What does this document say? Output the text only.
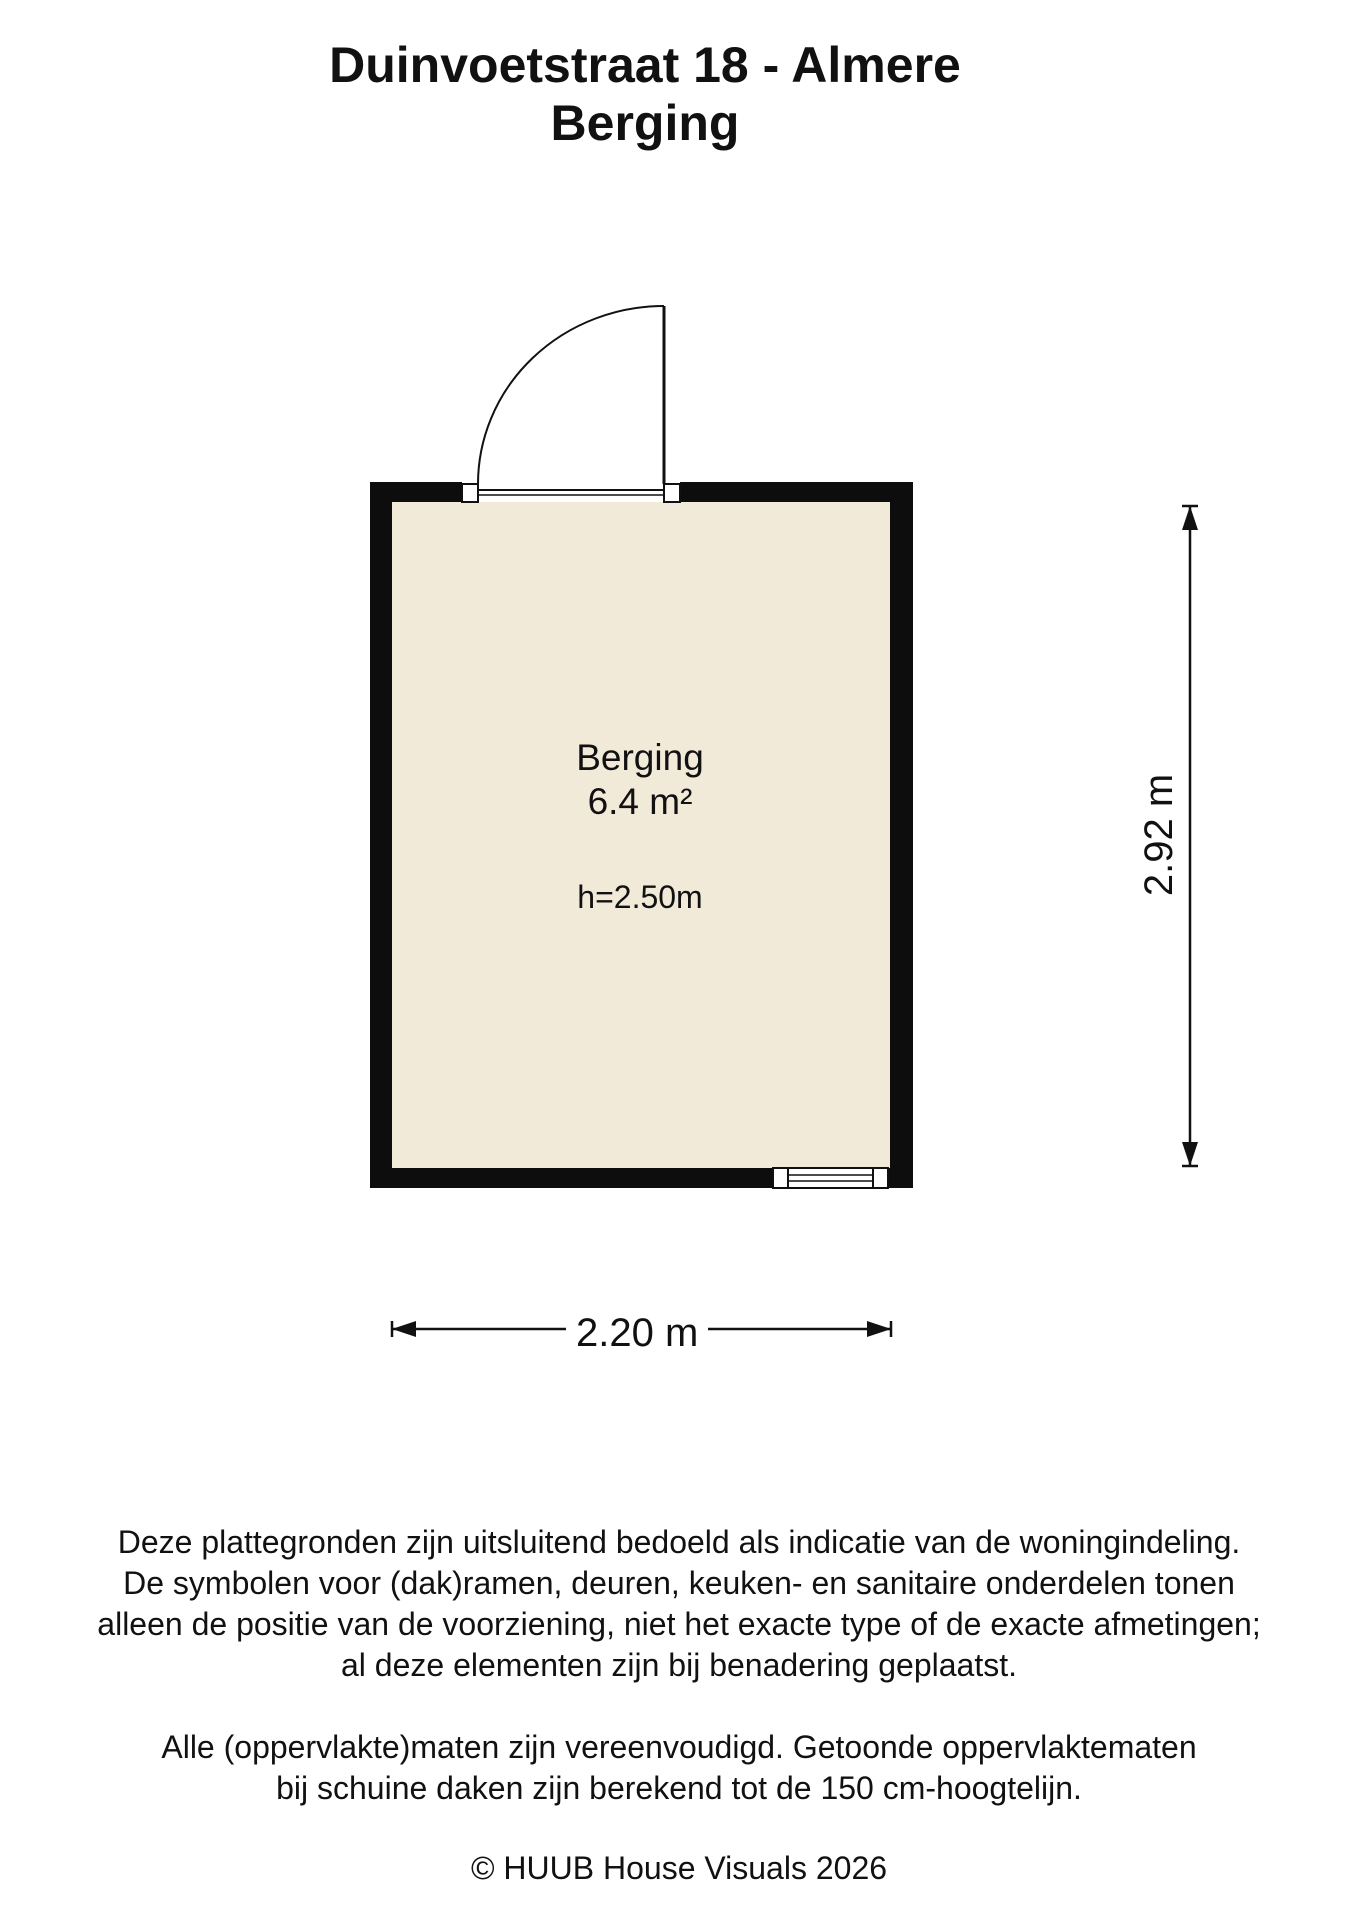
Duinvoetstraat 18 - Almere
Berging
Berging
6.4 m²
h=2.50m
2.20 m
2.92 m

Deze plattegronden zijn uitsluitend bedoeld als indicatie van de woningindeling.
De symbolen voor (dak)ramen, deuren, keuken- en sanitaire onderdelen tonen
alleen de positie van de voorziening, niet het exacte type of de exacte afmetingen;
al deze elementen zijn bij benadering geplaatst.

Alle (oppervlakte)maten zijn vereenvoudigd. Getoonde oppervlaktematen
bij schuine daken zijn berekend tot de 150 cm-hoogtelijn.

© HUUB House Visuals 2026
